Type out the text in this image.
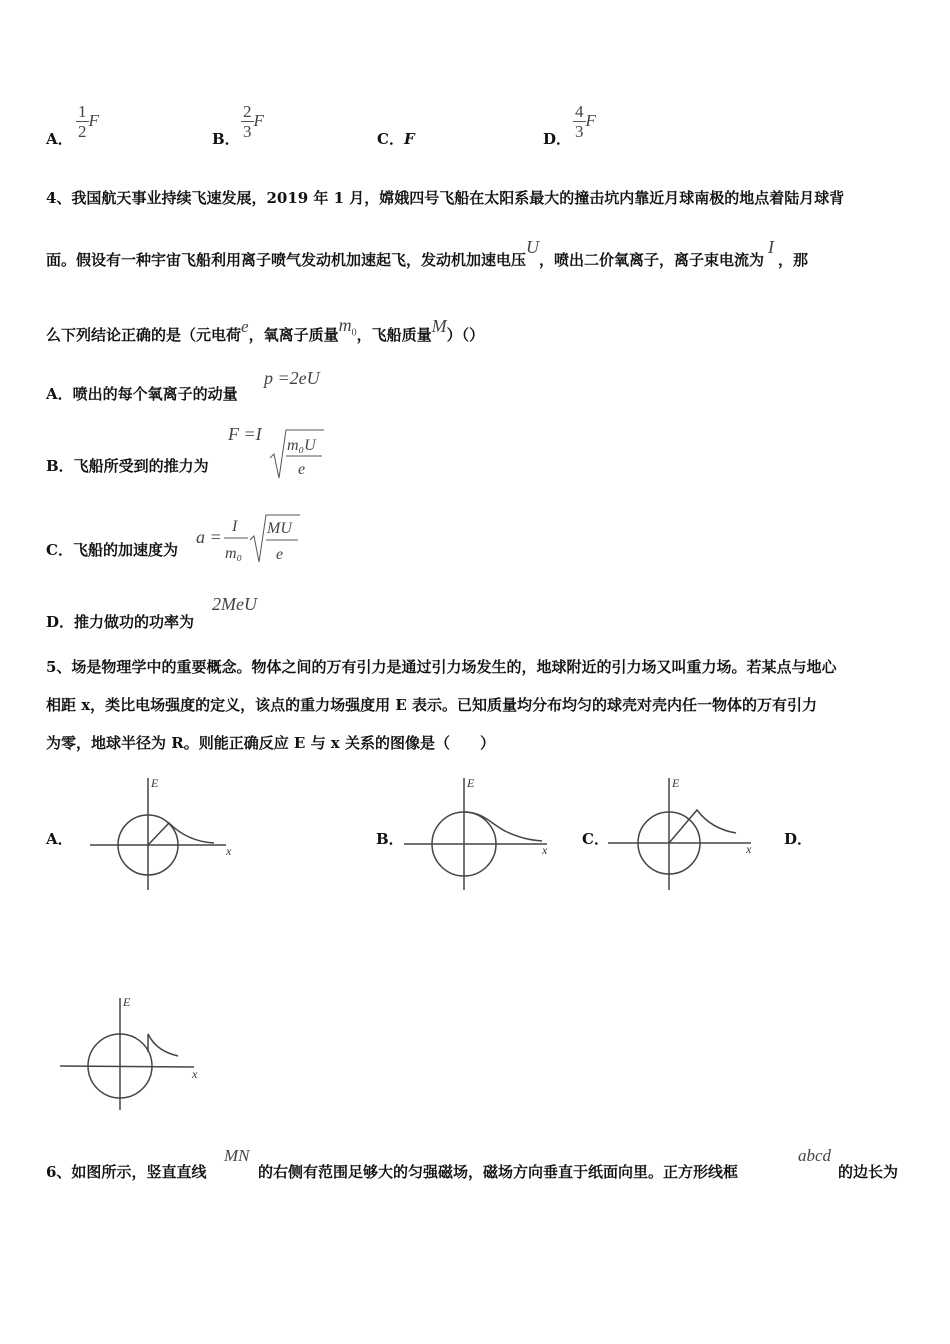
A． $\frac{1}{2}$ F
B． $\frac{2}{3}$ F
C．F	D． $\frac{4}{3}$ F
4、我国航天事业持续飞速发展，2019 年 1 月，嫦娥四号飞船在太阳系最大的撞击坑内靠近月球南极的地点着陆月球背
面。假设有一种宇宙飞船利用离子喷气发动机加速起飞，发动机加速电压U，喷出二价氧离子，离子束电流为I，那
么下列结论正确的是（元电荷e，氧离子质量$m_0$，飞船质量M）（）
A．喷出的每个氧离子的动量
p =2eU
B．飞船所受到的推力为
F =I
m₀U
e
C．飞船的加速度为
a =
I
m₀
MU
e
D．推力做功的功率为
2MeU
5、场是物理学中的重要概念。物体之间的万有引力是通过引力场发生的，地球附近的引力场又叫重力场。若某点与地心
相距 x，类比电场强度的定义，该点的重力场强度用 E 表示。已知质量均分布均匀的球壳对壳内任一物体的万有引力
为零，地球半径为 R。则能正确反应 E 与 x 关系的图像是（　　）
A．	B．	C．	D．
E
x
E
x
E
x
E
x
6、如图所示，竖直直线
MN
的右侧有范围足够大的匀强磁场，磁场方向垂直于纸面向里。正方形线框
abcd
的边长为
